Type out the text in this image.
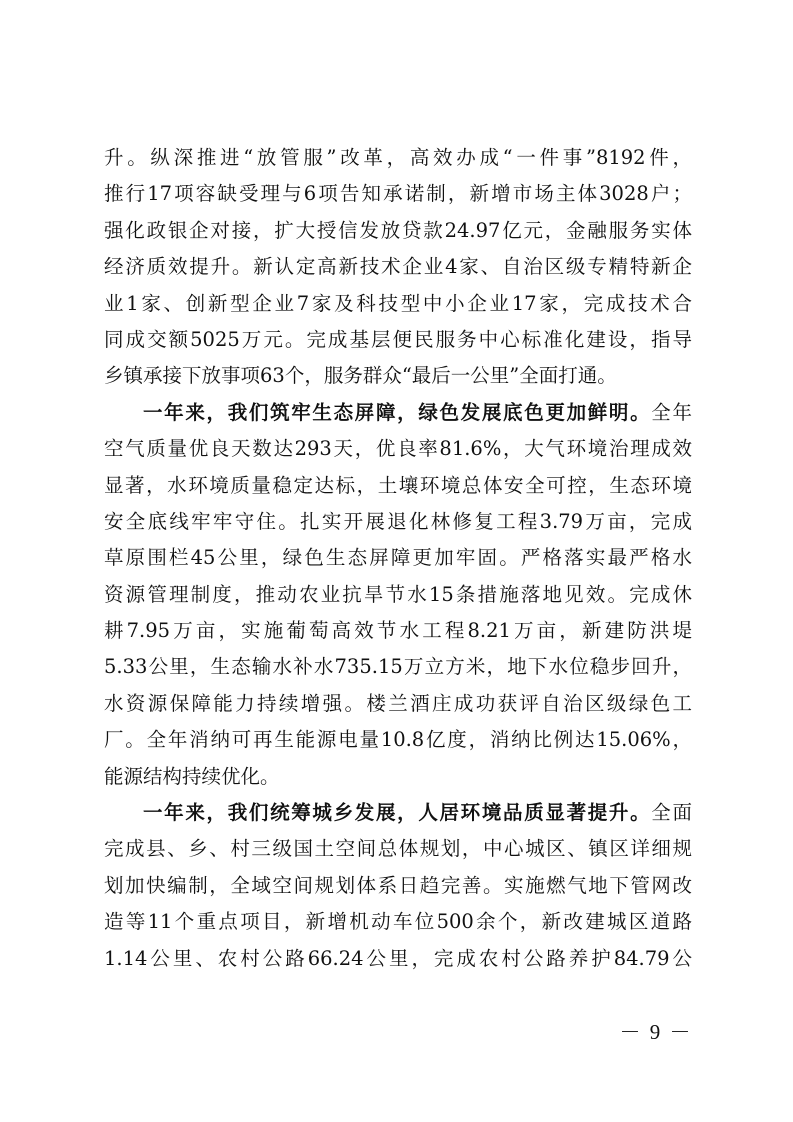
升。纵深推进“放管服”改革，高效办成“一件事”8192件，
推行17项容缺受理与6项告知承诺制，新增市场主体3028户；
强化政银企对接，扩大授信发放贷款24.97亿元，金融服务实体
经济质效提升。新认定高新技术企业4家、自治区级专精特新企
业1家、创新型企业7家及科技型中小企业17家，完成技术合
同成交额5025万元。完成基层便民服务中心标准化建设，指导
乡镇承接下放事项63个，服务群众“最后一公里”全面打通。
一年来，我们筑牢生态屏障，绿色发展底色更加鲜明。全年
空气质量优良天数达293天，优良率81.6%，大气环境治理成效
显著，水环境质量稳定达标，土壤环境总体安全可控，生态环境
安全底线牢牢守住。扎实开展退化林修复工程3.79万亩，完成
草原围栏45公里，绿色生态屏障更加牢固。严格落实最严格水
资源管理制度，推动农业抗旱节水15条措施落地见效。完成休
耕7.95万亩，实施葡萄高效节水工程8.21万亩，新建防洪堤
5.33公里，生态输水补水735.15万立方米，地下水位稳步回升，
水资源保障能力持续增强。楼兰酒庄成功获评自治区级绿色工
厂。全年消纳可再生能源电量10.8亿度，消纳比例达15.06%，
能源结构持续优化。
一年来，我们统筹城乡发展，人居环境品质显著提升。全面
完成县、乡、村三级国土空间总体规划，中心城区、镇区详细规
划加快编制，全域空间规划体系日趋完善。实施燃气地下管网改
造等11个重点项目，新增机动车位500余个，新改建城区道路
1.14公里、农村公路66.24公里，完成农村公路养护84.79公
－ 9 －
